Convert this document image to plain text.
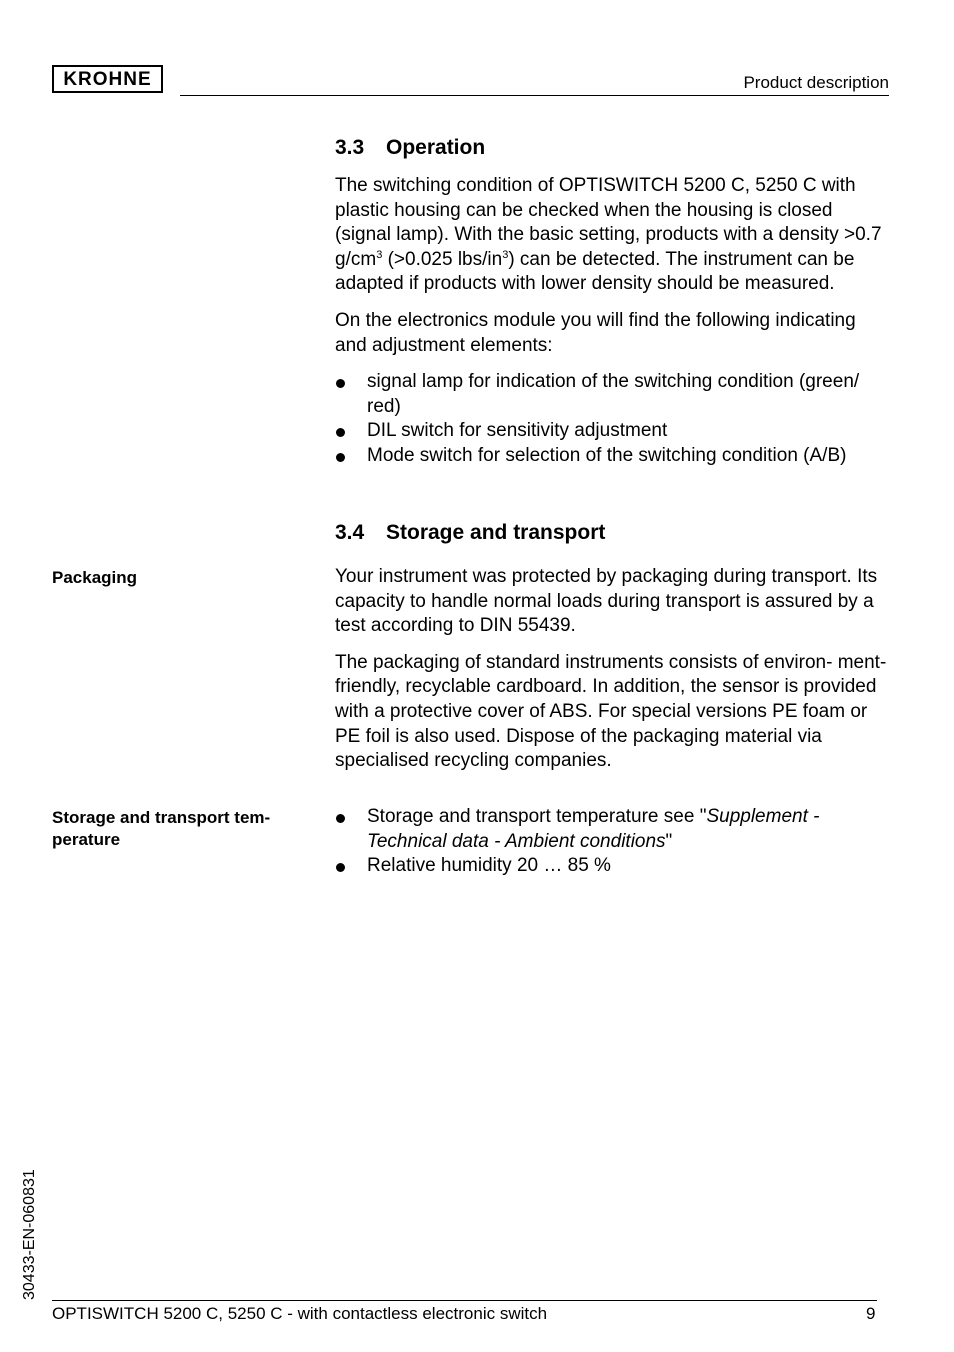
KROHNE	Product description
3.3 Operation

The switching condition of OPTISWITCH 5200 C, 5250 C with plastic housing can be checked when the housing is closed (signal lamp). With the basic setting, products with a density >0.7 $g/cm^3$ (>0.025 lbs/$in^3$) can be detected. The instrument can be adapted if products with lower density should be measured.

On the electronics module you will find the following indicating and adjustment elements:

signal lamp for indication of the switching condition (green/ red)
DIL switch for sensitivity adjustment
Mode switch for selection of the switching condition (A/B)
3.4 Storage and transport
Packaging	Your instrument was protected by packaging during transport. Its capacity to handle normal loads during transport is assured by a test according to DIN 55439.

The packaging of standard instruments consists of environ- ment-friendly, recyclable cardboard. In addition, the sensor is provided with a protective cover of ABS. For special versions PE foam or PE foil is also used. Dispose of the packaging material via specialised recycling companies.

Storage and transport tem-
perature
Storage and transport temperature see "Supplement - Technical data - Ambient conditions"
Relative humidity 20 … 85 %
30433-EN-060831
OPTISWITCH 5200 C, 5250 C - with contactless electronic switch	9
